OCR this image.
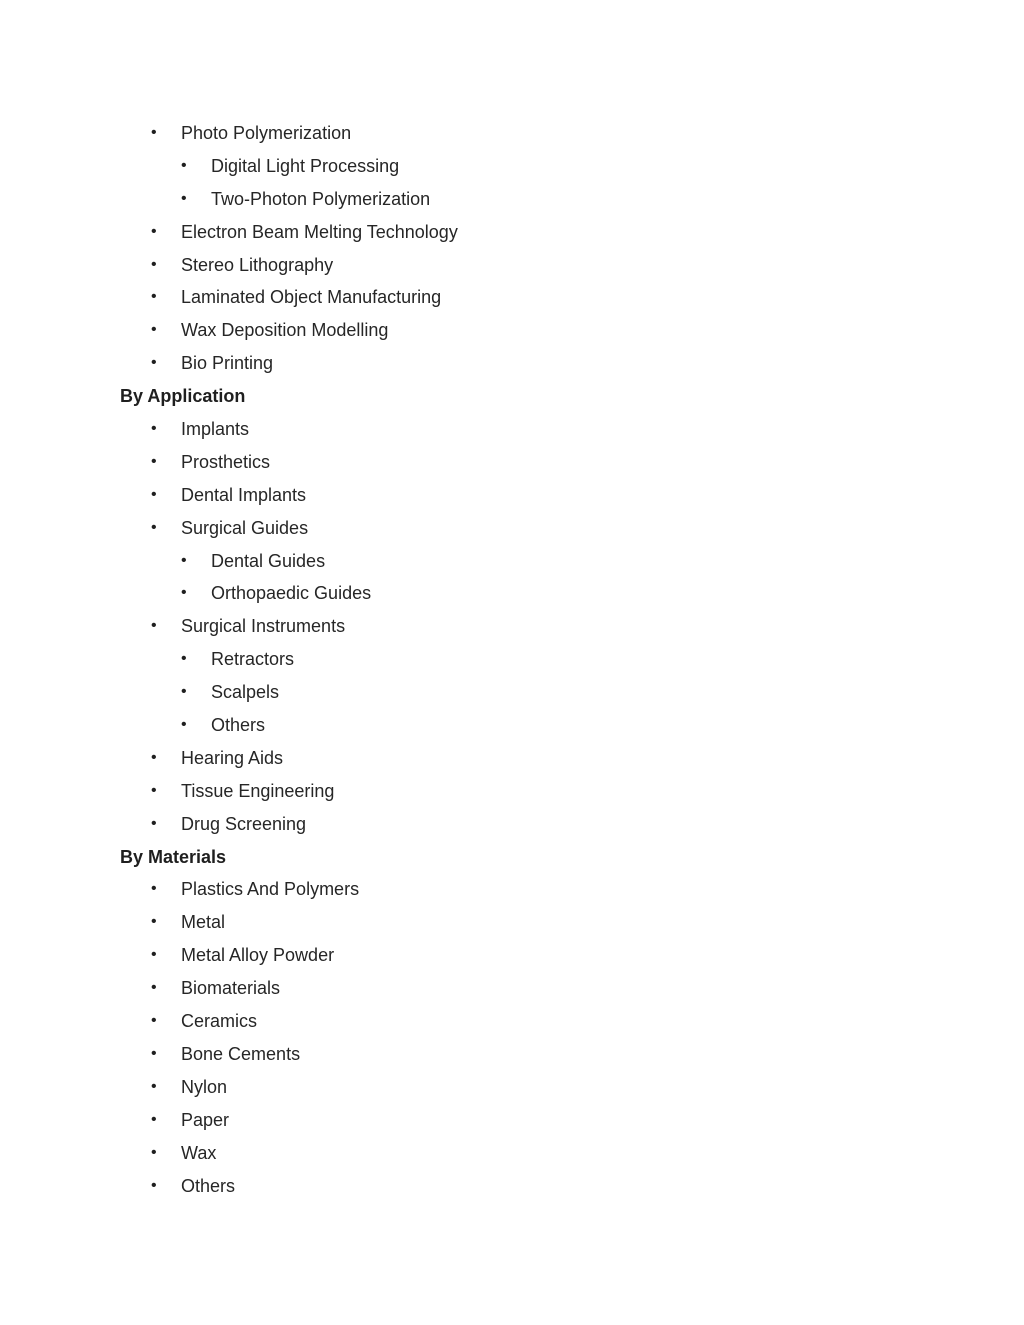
• Photo Polymerization
• Digital Light Processing
• Two-Photon Polymerization
• Electron Beam Melting Technology
• Stereo Lithography
• Laminated Object Manufacturing
• Wax Deposition Modelling
• Bio Printing
By Application
• Implants
• Prosthetics
• Dental Implants
• Surgical Guides
• Dental Guides
• Orthopaedic Guides
• Surgical Instruments
• Retractors
• Scalpels
• Others
• Hearing Aids
• Tissue Engineering
• Drug Screening
By Materials
• Plastics And Polymers
• Metal
• Metal Alloy Powder
• Biomaterials
• Ceramics
• Bone Cements
• Nylon
• Paper
• Wax
• Others
